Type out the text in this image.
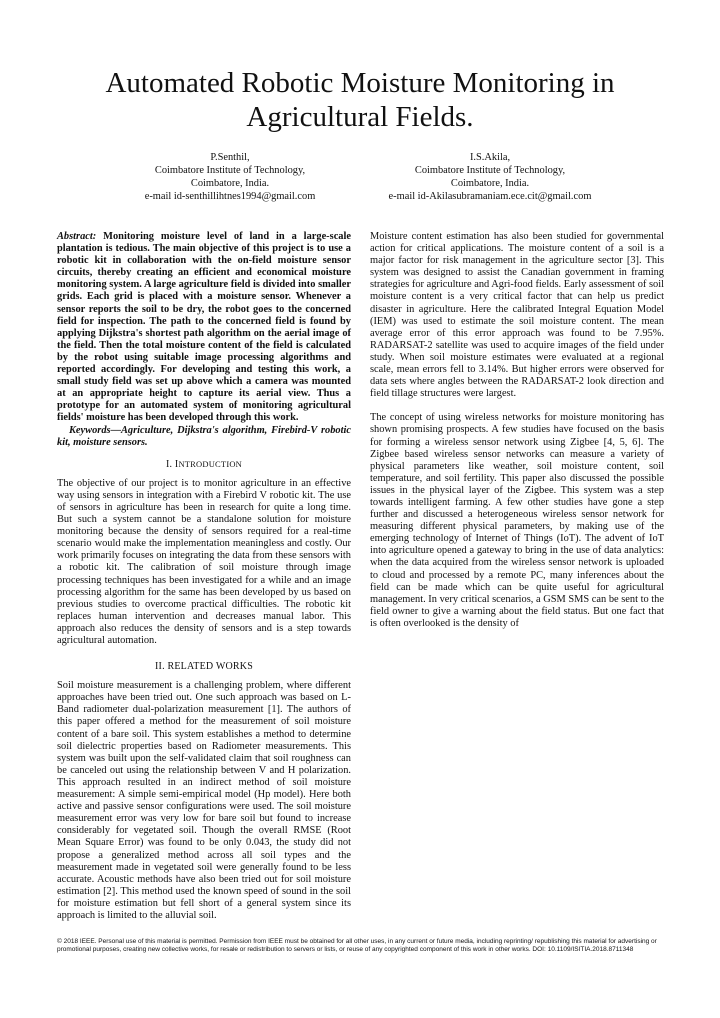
Automated Robotic Moisture Monitoring in Agricultural Fields.
P.Senthil,
Coimbatore Institute of Technology,
Coimbatore, India.
e-mail id-senthillihtnes1994@gmail.com
I.S.Akila,
Coimbatore Institute of Technology,
Coimbatore, India.
e-mail id-Akilasubramaniam.ece.cit@gmail.com

Abstract: Monitoring moisture level of land in a large-scale plantation is tedious. The main objective of this project is to use a robotic kit in collaboration with the on-field moisture sensor circuits, thereby creating an efficient and economical moisture monitoring system. A large agriculture field is divided into smaller grids. Each grid is placed with a moisture sensor. Whenever a sensor reports the soil to be dry, the robot goes to the concerned field for inspection. The path to the concerned field is found by applying Dijkstra's shortest path algorithm on the aerial image of the field. Then the total moisture content of the field is calculated by the robot using suitable image processing algorithms and reported accordingly. For developing and testing this work, a small study field was set up above which a camera was mounted at an appropriate height to capture its aerial view. Thus a prototype for an automated system of monitoring agricultural fields' moisture has been developed through this work.

Keywords—Agriculture, Dijkstra's algorithm, Firebird-V robotic kit, moisture sensors.

I. INTRODUCTION

The objective of our project is to monitor agriculture in an effective way using sensors in integration with a Firebird V robotic kit. The use of sensors in agriculture has been in research for quite a long time. But such a system cannot be a standalone solution for moisture monitoring because the density of sensors required for a real-time scenario would make the implementation meaningless and costly. Our work primarily focuses on integrating the data from these sensors with a robotic kit. The calibration of soil moisture through image processing techniques has been investigated for a while and an image processing algorithm for the same has been developed by us based on previous studies to overcome practical difficulties. The robotic kit replaces human intervention and decreases manual labor. This approach also reduces the density of sensors and is a step towards agricultural automation.

II. RELATED WORKS

Soil moisture measurement is a challenging problem, where different approaches have been tried out. One such approach was based on L-Band radiometer dual-polarization measurement [1]. The authors of this paper offered a method for the measurement of soil moisture content of a bare soil. This system establishes a method to determine soil dielectric properties based on Radiometer measurements. This system was built upon the self-validated claim that soil roughness can be canceled out using the relationship between V and H polarization. This approach resulted in an indirect method of soil moisture measurement: A simple semi-empirical model (Hp model). Here both active and passive sensor configurations were used. The soil moisture measurement error was very low for bare soil but found to increase considerably for vegetated soil. Though the overall RMSE (Root Mean Square Error) was found to be only 0.043, the study did not propose a generalized method across all soil types and the measurement made in vegetated soil were generally found to be less accurate. Acoustic methods have also been tried out for soil moisture estimation [2]. This method used the known speed of sound in the soil for moisture estimation but fell short of a general system since its approach is limited to the alluvial soil.

Moisture content estimation has also been studied for governmental action for critical applications. The moisture content of a soil is a major factor for risk management in the agriculture sector [3]. This system was designed to assist the Canadian government in framing strategies for agriculture and Agri-food fields. Early assessment of soil moisture content is a very critical factor that can help us predict disaster in agriculture. Here the calibrated Integral Equation Model (IEM) was used to estimate the soil moisture content. The mean average error of this error approach was found to be 7.95%. RADARSAT-2 satellite was used to acquire images of the field under study. When soil moisture estimates were evaluated at a regional scale, mean errors fell to 3.14%. But higher errors were observed for data sets where angles between the RADARSAT-2 look direction and field tillage structures were largest.

The concept of using wireless networks for moisture monitoring has shown promising prospects. A few studies have focused on the basis for forming a wireless sensor network using Zigbee [4, 5, 6]. The Zigbee based wireless sensor networks can measure a variety of physical parameters like weather, soil moisture content, soil temperature, and soil fertility. This paper also discussed the possible issues in the physical layer of the Zigbee. This system was a step towards intelligent farming. A few other studies have gone a step further and discussed a heterogeneous wireless sensor network for measuring different physical parameters, by making use of the emerging technology of Internet of Things (IoT). The advent of IoT into agriculture opened a gateway to bring in the use of data analytics: when the data acquired from the wireless sensor network is uploaded to cloud and processed by a remote PC, many inferences about the field can be made which can be quite useful for agricultural management. In very critical scenarios, a GSM SMS can be sent to the field owner to give a warning about the field status. But one fact that is often overlooked is the density of

© 2018 IEEE. Personal use of this material is permitted. Permission from IEEE must be obtained for all other uses, in any current or future media, including reprinting/ republishing this material for advertising or promotional purposes, creating new collective works, for resale or redistribution to servers or lists, or reuse of any copyrighted component of this work in other works. DOI: 10.1109/ISITIA.2018.8711348
